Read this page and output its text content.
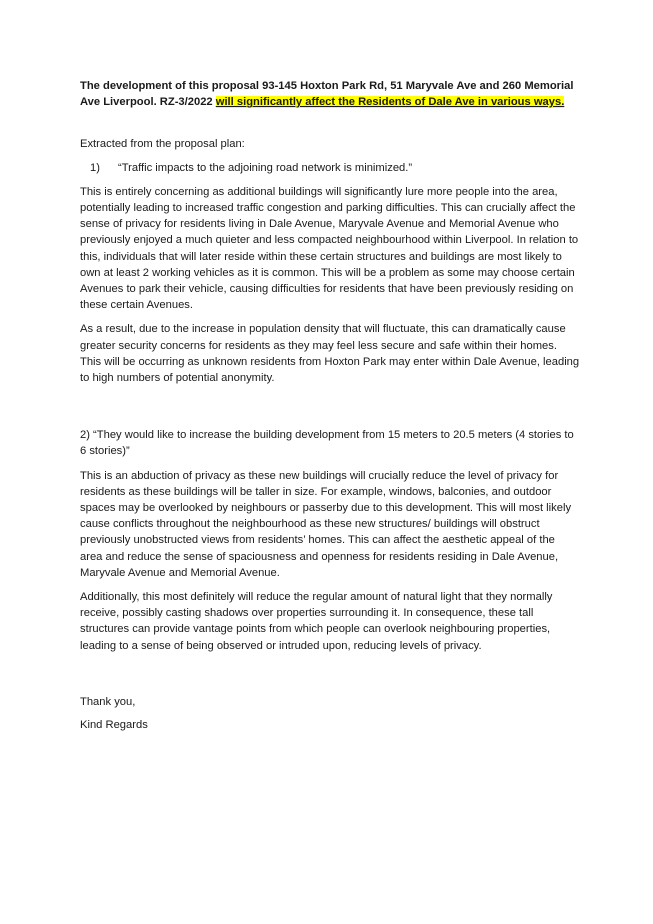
The development of this proposal 93-145 Hoxton Park Rd, 51 Maryvale Ave and 260 Memorial Ave Liverpool. RZ-3/2022 will significantly affect the Residents of Dale Ave in various ways.

Extracted from the proposal plan:

1) “Traffic impacts to the adjoining road network is minimized.”

This is entirely concerning as additional buildings will significantly lure more people into the area, potentially leading to increased traffic congestion and parking difficulties. This can crucially affect the sense of privacy for residents living in Dale Avenue, Maryvale Avenue and Memorial Avenue who previously enjoyed a much quieter and less compacted neighbourhood within Liverpool. In relation to this, individuals that will later reside within these certain structures and buildings are most likely to own at least 2 working vehicles as it is common. This will be a problem as some may choose certain Avenues to park their vehicle, causing difficulties for residents that have been previously residing on these certain Avenues.

As a result, due to the increase in population density that will fluctuate, this can dramatically cause greater security concerns for residents as they may feel less secure and safe within their homes. This will be occurring as unknown residents from Hoxton Park may enter within Dale Avenue, leading to high numbers of potential anonymity.

2) “They would like to increase the building development from 15 meters to 20.5 meters (4 stories to 6 stories)”

This is an abduction of privacy as these new buildings will crucially reduce the level of privacy for residents as these buildings will be taller in size. For example, windows, balconies, and outdoor spaces may be overlooked by neighbours or passerby due to this development. This will most likely cause conflicts throughout the neighbourhood as these new structures/ buildings will obstruct previously unobstructed views from residents’ homes. This can affect the aesthetic appeal of the area and reduce the sense of spaciousness and openness for residents residing in Dale Avenue, Maryvale Avenue and Memorial Avenue.

Additionally, this most definitely will reduce the regular amount of natural light that they normally receive, possibly casting shadows over properties surrounding it. In consequence, these tall structures can provide vantage points from which people can overlook neighbouring properties, leading to a sense of being observed or intruded upon, reducing levels of privacy.

Thank you,

Kind Regards
